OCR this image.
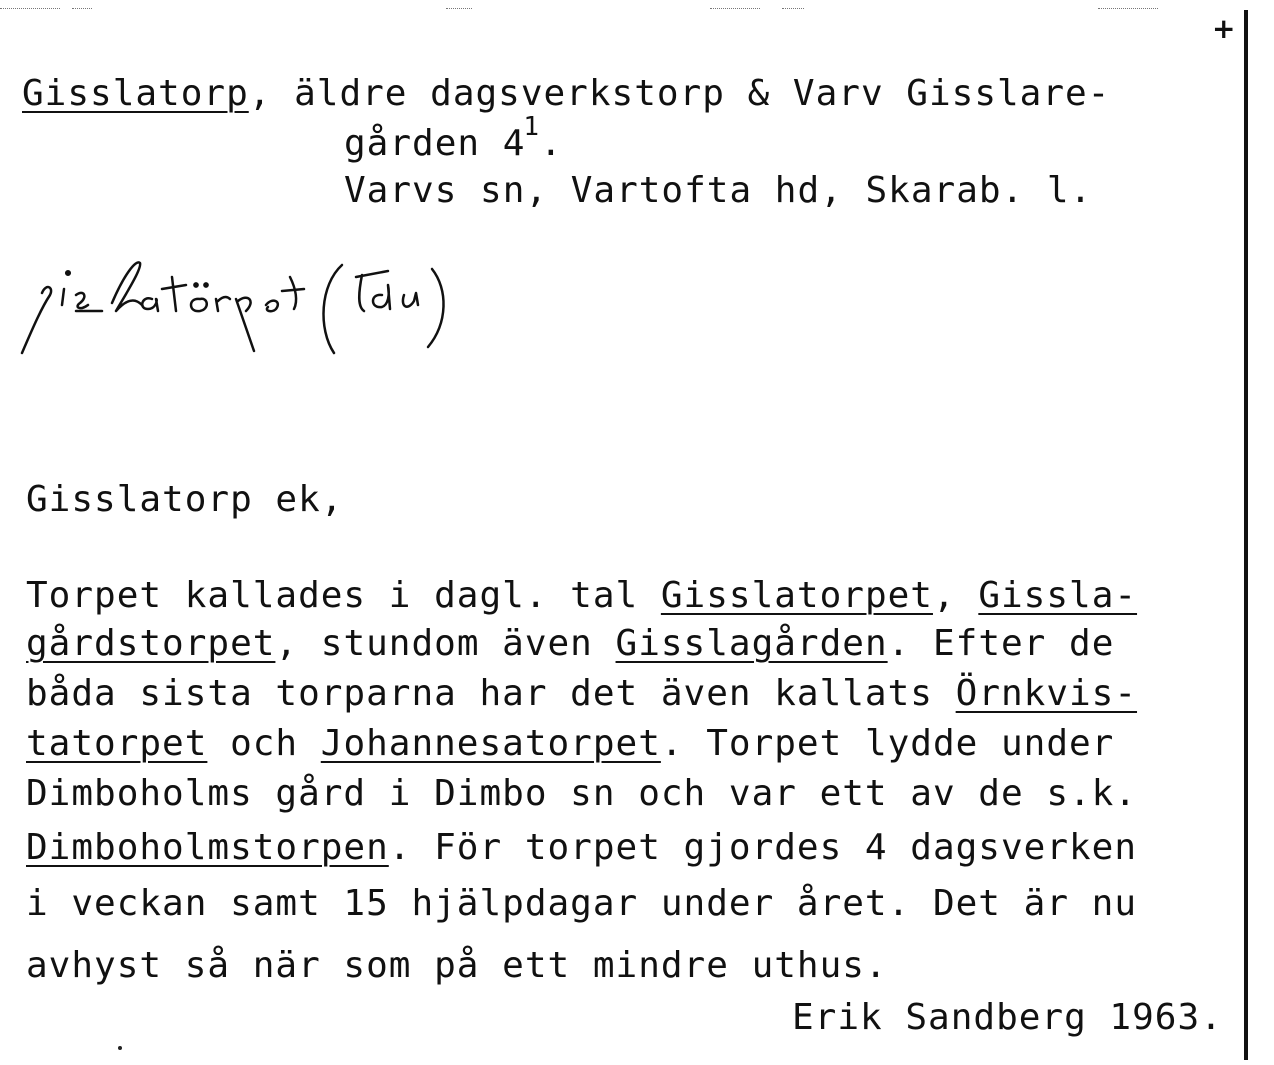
+
Gisslatorp, äldre dagsverkstorp & Varv Gisslare-
gården $4^1$.
Varvs sn, Vartofta hd, Skarab. l.
Gisslatorp ek,
Torpet kallades i dagl. tal Gisslatorpet, Gissla-
gårdstorpet, stundom även Gisslagården. Efter de
båda sista torparna har det även kallats Örnkvis-
tatorpet och Johannesatorpet. Torpet lydde under
Dimboholms gård i Dimbo sn och var ett av de s.k.
Dimboholmstorpen. För torpet gjordes 4 dagsverken
i veckan samt 15 hjälpdagar under året. Det är nu
avhyst så när som på ett mindre uthus.
Erik Sandberg 1963.
